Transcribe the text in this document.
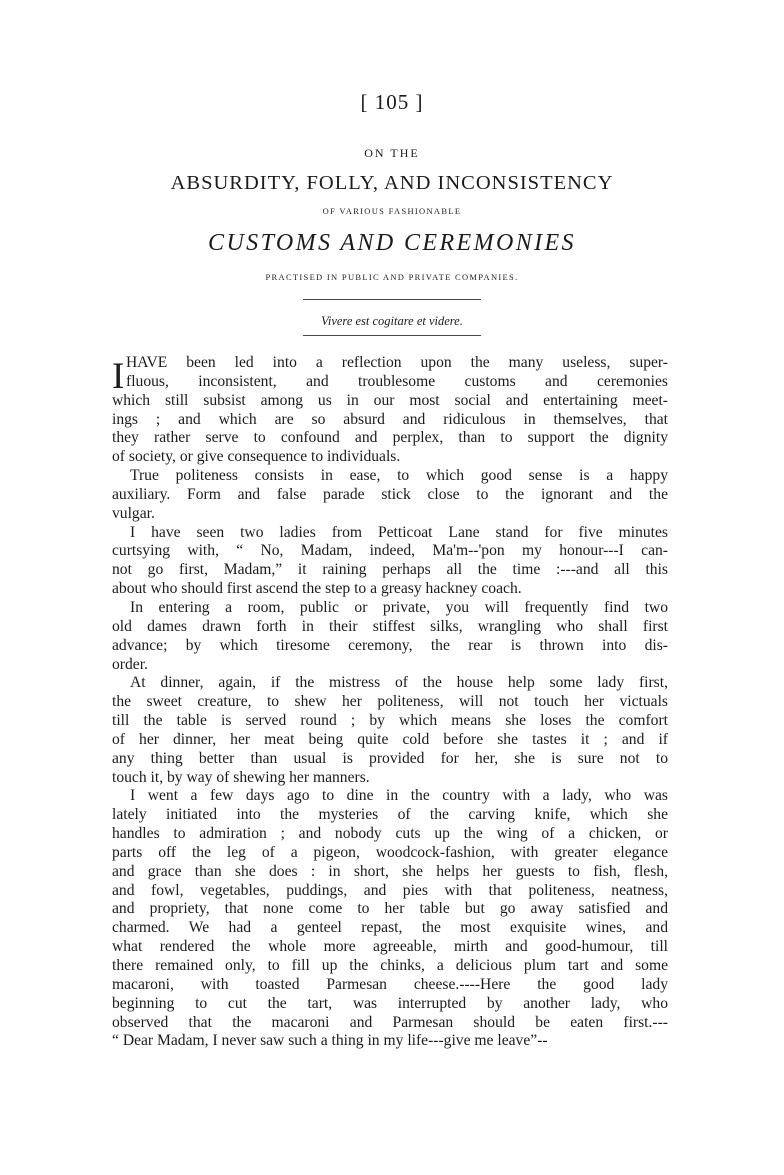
[ 105 ]
ON THE
ABSURDITY, FOLLY, AND INCONSISTENCY
OF VARIOUS FASHIONABLE
CUSTOMS AND CEREMONIES
PRACTISED IN PUBLIC AND PRIVATE COMPANIES.
Vivere est cogitare et videre.
I HAVE been led into a reflection upon the many useless, super-
fluous, inconsistent, and troublesome customs and ceremonies
which still subsist among us in our most social and entertaining meet-
ings ; and which are so absurd and ridiculous in themselves, that
they rather serve to confound and perplex, than to support the dignity
of society, or give consequence to individuals.
True politeness consists in ease, to which good sense is a happy
auxiliary. Form and false parade stick close to the ignorant and the
vulgar.
I have seen two ladies from Petticoat Lane stand for five minutes
curtsying with, “ No, Madam, indeed, Ma'm--'pon my honour---I can-
not go first, Madam,” it raining perhaps all the time :---and all this
about who should first ascend the step to a greasy hackney coach.
In entering a room, public or private, you will frequently find two
old dames drawn forth in their stiffest silks, wrangling who shall first
advance; by which tiresome ceremony, the rear is thrown into dis-
order.
At dinner, again, if the mistress of the house help some lady first,
the sweet creature, to shew her politeness, will not touch her victuals
till the table is served round ; by which means she loses the comfort
of her dinner, her meat being quite cold before she tastes it ; and if
any thing better than usual is provided for her, she is sure not to
touch it, by way of shewing her manners.
I went a few days ago to dine in the country with a lady, who was
lately initiated into the mysteries of the carving knife, which she
handles to admiration ; and nobody cuts up the wing of a chicken, or
parts off the leg of a pigeon, woodcock-fashion, with greater elegance
and grace than she does : in short, she helps her guests to fish, flesh,
and fowl, vegetables, puddings, and pies with that politeness, neatness,
and propriety, that none come to her table but go away satisfied and
charmed. We had a genteel repast, the most exquisite wines, and
what rendered the whole more agreeable, mirth and good-humour, till
there remained only, to fill up the chinks, a delicious plum tart and some
macaroni, with toasted Parmesan cheese.----Here the good lady
beginning to cut the tart, was interrupted by another lady, who
observed that the macaroni and Parmesan should be eaten first.---
“ Dear Madam, I never saw such a thing in my life---give me leave”--
